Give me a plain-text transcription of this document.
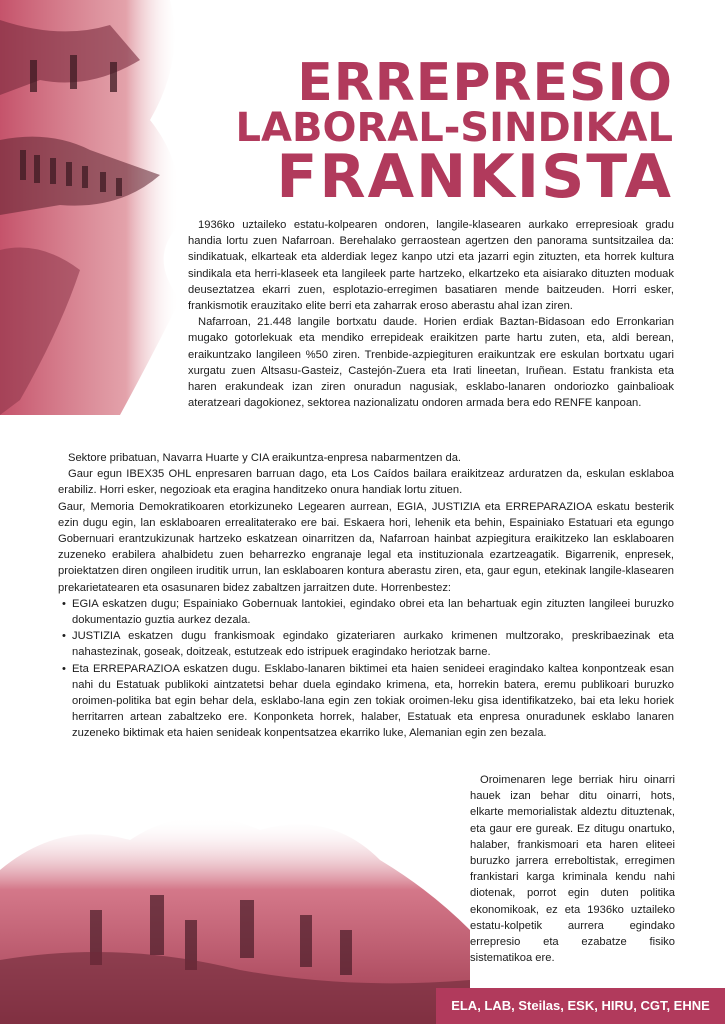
ERREPRESIO
LABORAL-SINDIKAL
FRANKISTA

1936ko uztaileko estatu-kolpearen ondoren, langile-klasearen aurkako errepresioak gradu handia lortu zuen Nafarroan. Berehalako gerraostean agertzen den panorama suntsitzailea da: sindikatuak, elkarteak eta alderdiak legez kanpo utzi eta jazarri egin zituzten, eta horrek kultura sindikala eta herri-klaseek eta langileek parte hartzeko, elkartzeko eta aisiarako dituzten moduak deuseztatzea ekarri zuen, esplotazio-erregimen basatiaren mende baitzeuden. Horri esker, frankismotik erauzitako elite berri eta zaharrak eroso aberastu ahal izan ziren.

Nafarroan, 21.448 langile bortxatu daude. Horien erdiak Baztan-Bidasoan edo Erronkarian mugako gotorlekuak eta mendiko errepideak eraikitzen parte hartu zuten, eta, aldi berean, eraikuntzako langileen %50 ziren. Trenbide-azpiegituren eraikuntzak ere eskulan bortxatu ugari xurgatu zuen Altsasu-Gasteiz, Castejón-Zuera eta Irati lineetan, Iruñean. Estatu frankista eta haren erakundeak izan ziren onuradun nagusiak, esklabo-lanaren ondoriozko gainbalioak ateratzeari dagokionez, sektorea nazionalizatu ondoren armada bera edo RENFE kanpoan.

Sektore pribatuan, Navarra Huarte y CIA eraikuntza-enpresa nabarmentzen da.

Gaur egun IBEX35 OHL enpresaren barruan dago, eta Los Caídos bailara eraikitzeaz arduratzen da, eskulan esklaboa erabiliz. Horri esker, negozioak eta eragina handitzeko onura handiak lortu zituen.

Gaur, Memoria Demokratikoaren etorkizuneko Legearen aurrean, EGIA, JUSTIZIA eta ERREPARAZIOA eskatu besterik ezin dugu egin, lan esklaboaren errealitaterako ere bai. Eskaera hori, lehenik eta behin, Espainiako Estatuari eta egungo Gobernuari erantzukizunak hartzeko eskatzean oinarritzen da, Nafarroan hainbat azpiegitura eraikitzeko lan esklaboaren zuzeneko erabilera ahalbidetu zuen beharrezko engranaje legal eta instituzionala ezartzeagatik. Bigarrenik, enpresek, proiektatzen diren ongileen iruditik urrun, lan esklaboaren kontura aberastu ziren, eta, gaur egun, etekinak langile-klasearen prekarietatearen eta osasunaren bidez zabaltzen jarraitzen dute. Horrenbestez:

• EGIA eskatzen dugu; Espainiako Gobernuak lantokiei, egindako obrei eta lan behartuak egin zituzten langileei buruzko dokumentazio guztia aurkez dezala.
• JUSTIZIA eskatzen dugu frankismoak egindako gizateriaren aurkako krimenen multzorako, preskribaezinak eta nahastezinak, goseak, doitzeak, estutzeak edo istripuek eragindako heriotzak barne.
• Eta ERREPARAZIOA eskatzen dugu. Esklabo-lanaren biktimei eta haien senideei eragindako kaltea konpontzeak esan nahi du Estatuak publikoki aintzatetsi behar duela egindako krimena, eta, horrekin batera, eremu publikoari buruzko oroimen-politika bat egin behar dela, esklabo-lana egin zen tokiak oroimen-leku gisa identifikatzeko, bai eta leku horiek herritarren artean zabaltzeko ere. Konponketa horrek, halaber, Estatuak eta enpresa onuradunek esklabo lanaren zuzeneko biktimak eta haien senideak konpentsatzea ekarriko luke, Alemanian egin zen bezala.

Oroimenaren lege berriak hiru oinarri hauek izan behar ditu oinarri, hots, elkarte memorialistak aldeztu dituztenak, eta gaur ere gureak. Ez ditugu onartuko, halaber, frankismoari eta haren eliteei buruzko jarrera erreboltistak, erregimen frankistari karga kriminala kendu nahi diotenak, porrot egin duten politika ekonomikoak, ez eta 1936ko uztaileko estatu-kolpetik aurrera egindako errepresio eta ezabatze fisiko sistematikoa ere.

ELA, LAB, Steilas, ESK, HIRU, CGT, EHNE
